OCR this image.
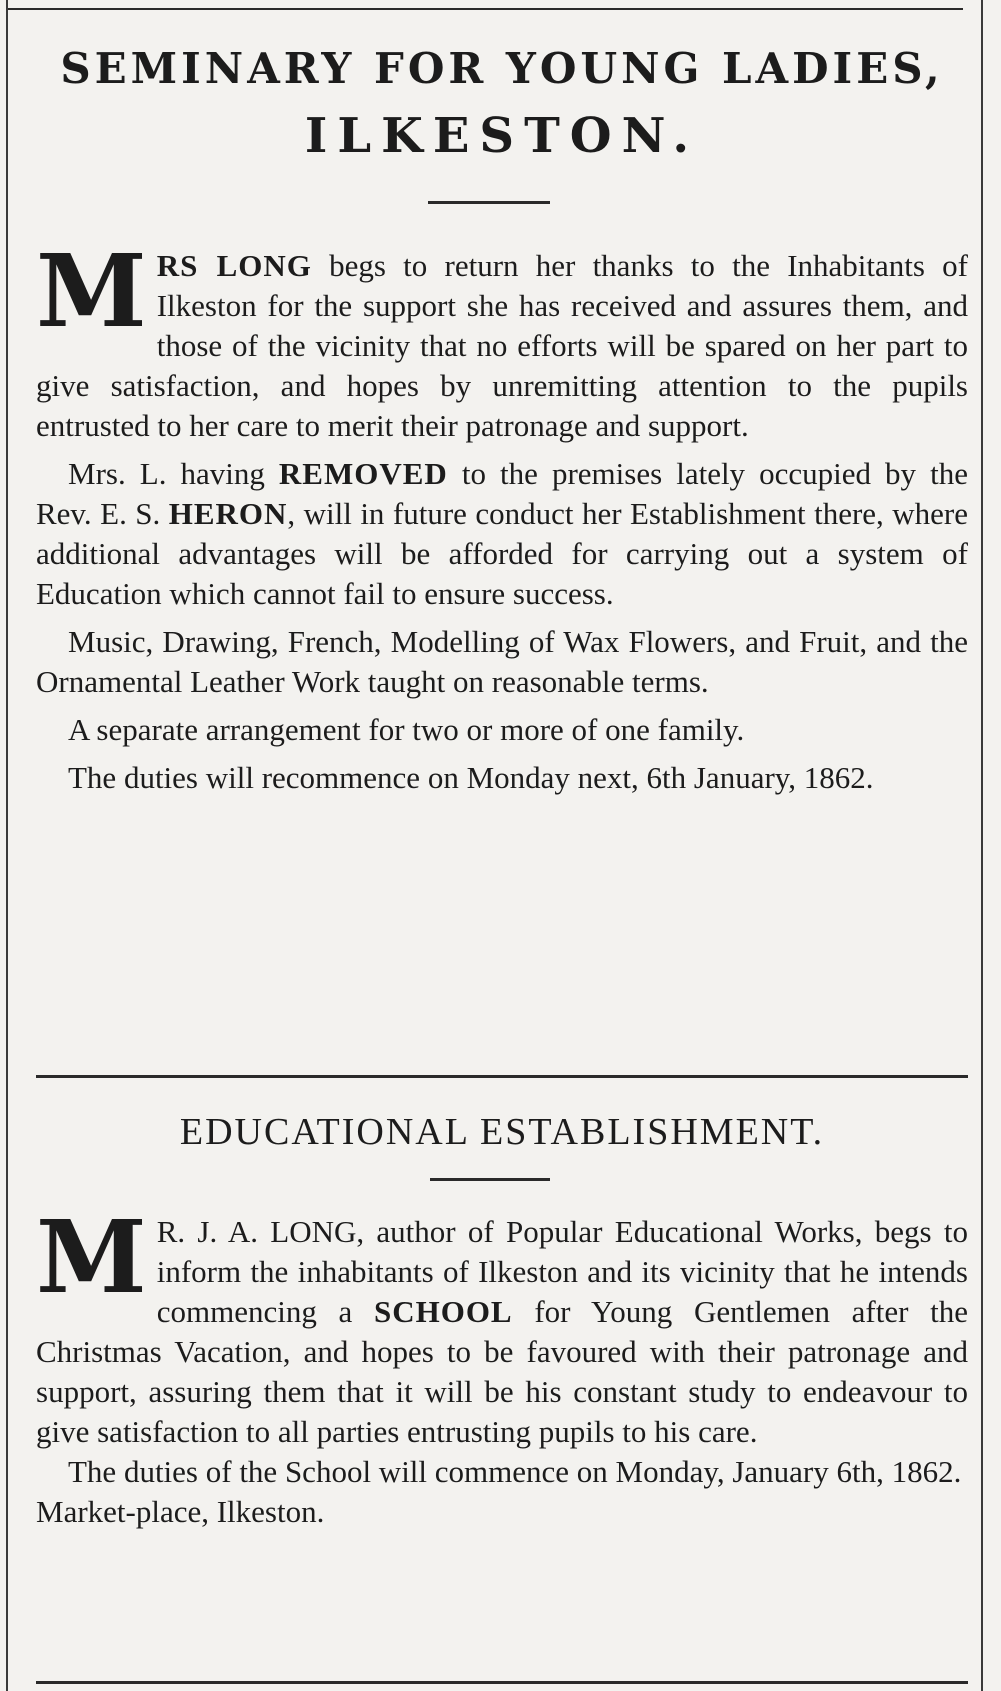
SEMINARY FOR YOUNG LADIES,
ILKESTON.

MRS LONG begs to return her thanks to the Inhabitants of Ilkeston for the support she has received and assures them, and those of the vicinity that no efforts will be spared on her part to give satisfaction, and hopes by unremitting attention to the pupils entrusted to her care to merit their patronage and support.

Mrs. L. having REMOVED to the premises lately occupied by the Rev. E. S. HERON, will in future conduct her Establishment there, where additional advantages will be afforded for carrying out a system of Education which cannot fail to ensure success.

Music, Drawing, French, Modelling of Wax Flowers, and Fruit, and the Ornamental Leather Work taught on reasonable terms.

A separate arrangement for two or more of one family.

The duties will recommence on Monday next, 6th January, 1862.

EDUCATIONAL ESTABLISHMENT.

M R. J. A. LONG, author of Popular Educational Works, begs to inform the inhabitants of Ilkeston and its vicinity that he intends commencing a SCHOOL for Young Gentlemen after the Christmas Vacation, and hopes to be favoured with their patronage and support, assuring them that it will be his constant study to endeavour to give satisfaction to all parties entrusting pupils to his care.

The duties of the School will commence on Monday, January 6th, 1862.

Market-place, Ilkeston.
